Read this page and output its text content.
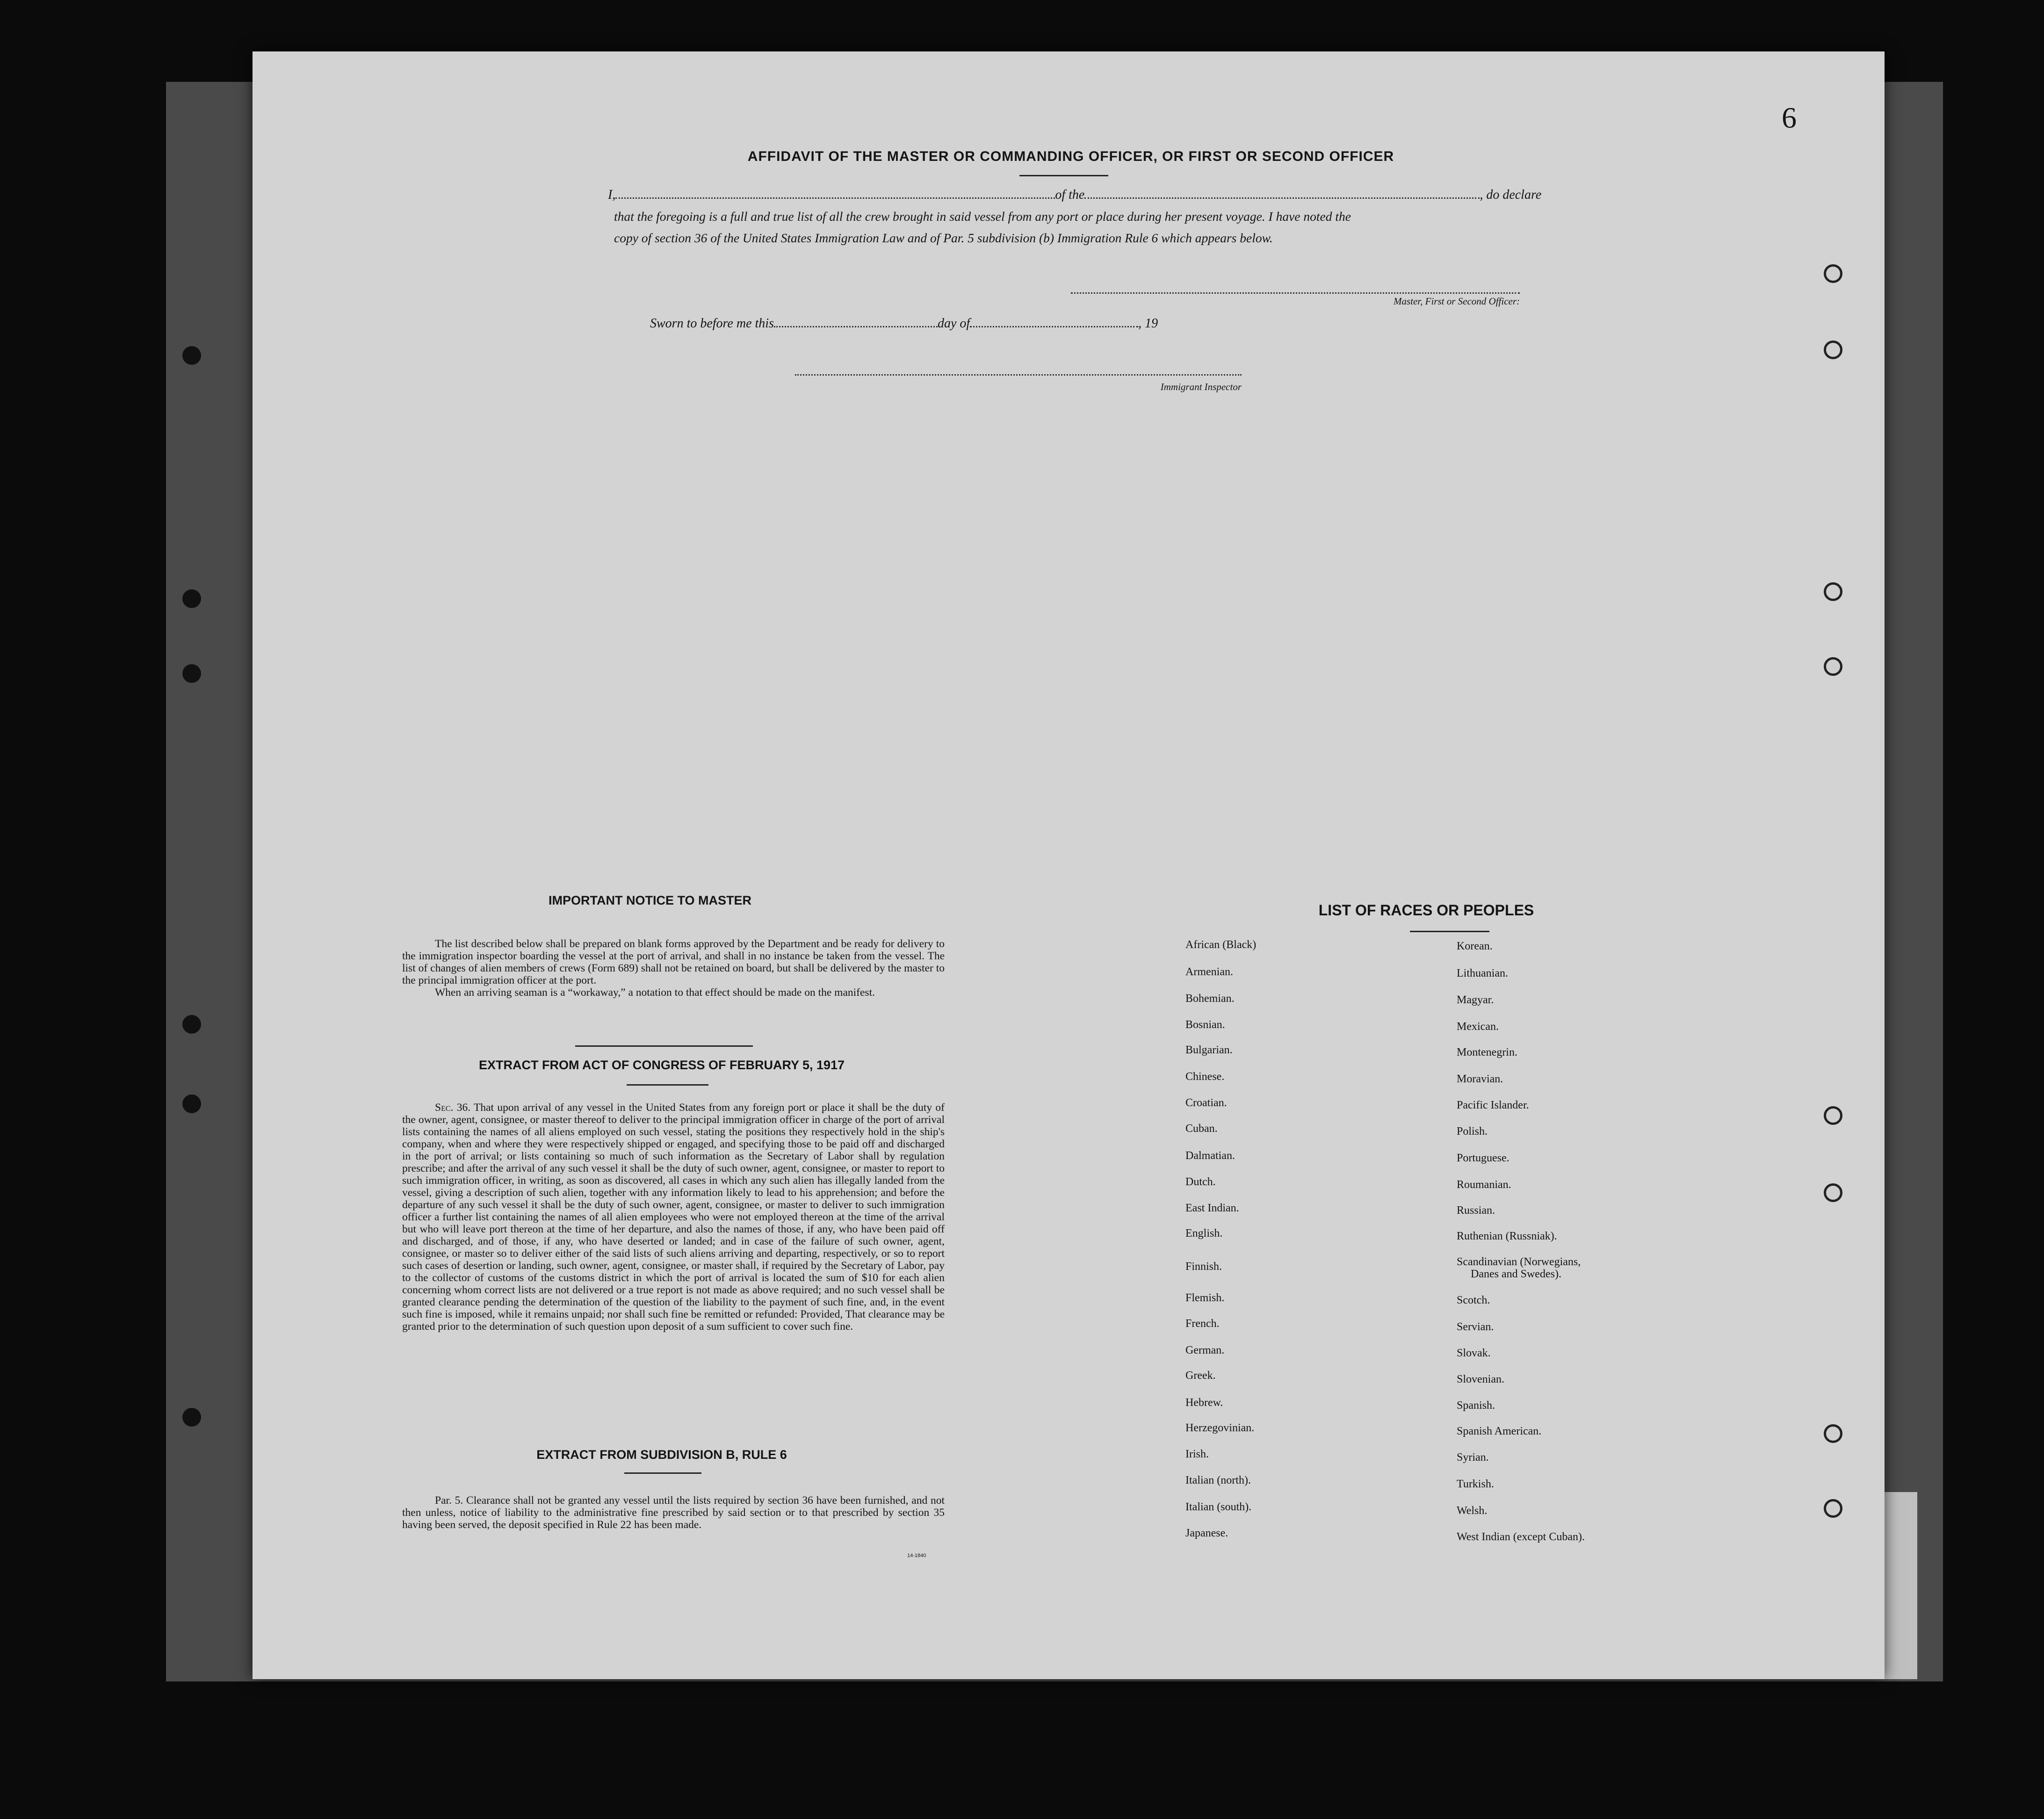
6
AFFIDAVIT OF THE MASTER OR COMMANDING OFFICER, OR FIRST OR SECOND OFFICER
I,	of the	, do declare
that the foregoing is a full and true list of all the crew brought in said vessel from any port or place during her present voyage. I have noted the
copy of section 36 of the United States Immigration Law and of Par. 5 subdivision (b) Immigration Rule 6 which appears below.
Master, First or Second Officer:
Sworn to before me this	day of	, 19
Immigrant Inspector
IMPORTANT NOTICE TO MASTER

The list described below shall be prepared on blank forms approved by the Department and be ready for delivery to the immigration inspector boarding the vessel at the port of arrival, and shall in no instance be taken from the vessel. The list of changes of alien members of crews (Form 689) shall not be retained on board, but shall be delivered by the master to the principal immigration officer at the port.

When an arriving seaman is a “workaway,” a notation to that effect should be made on the manifest.

EXTRACT FROM ACT OF CONGRESS OF FEBRUARY 5, 1917

Sec. 36. That upon arrival of any vessel in the United States from any foreign port or place it shall be the duty of the owner, agent, consignee, or master thereof to deliver to the principal immigration officer in charge of the port of arrival lists containing the names of all aliens employed on such vessel, stating the positions they respectively hold in the ship's company, when and where they were respectively shipped or engaged, and specifying those to be paid off and discharged in the port of arrival; or lists containing so much of such information as the Secretary of Labor shall by regulation prescribe; and after the arrival of any such vessel it shall be the duty of such owner, agent, consignee, or master to report to such immigration officer, in writing, as soon as discovered, all cases in which any such alien has illegally landed from the vessel, giving a description of such alien, together with any information likely to lead to his apprehension; and before the departure of any such vessel it shall be the duty of such owner, agent, consignee, or master to deliver to such immigration officer a further list containing the names of all alien employees who were not employed thereon at the time of the arrival but who will leave port thereon at the time of her departure, and also the names of those, if any, who have been paid off and discharged, and of those, if any, who have deserted or landed; and in case of the failure of such owner, agent, consignee, or master so to deliver either of the said lists of such aliens arriving and departing, respectively, or so to report such cases of desertion or landing, such owner, agent, consignee, or master shall, if required by the Secretary of Labor, pay to the collector of customs of the customs district in which the port of arrival is located the sum of $10 for each alien concerning whom correct lists are not delivered or a true report is not made as above required; and no such vessel shall be granted clearance pending the determination of the question of the liability to the payment of such fine, and, in the event such fine is imposed, while it remains unpaid; nor shall such fine be remitted or refunded: Provided, That clearance may be granted prior to the determination of such question upon deposit of a sum sufficient to cover such fine.

EXTRACT FROM SUBDIVISION B, RULE 6

Par. 5. Clearance shall not be granted any vessel until the lists required by section 36 have been furnished, and not then unless, notice of liability to the administrative fine prescribed by said section or to that prescribed by section 35 having been served, the deposit specified in Rule 22 has been made.

14-1840
LIST OF RACES OR PEOPLES
African (Black)
Armenian.
Bohemian.
Bosnian.
Bulgarian.
Chinese.
Croatian.
Cuban.
Dalmatian.
Dutch.
East Indian.
English.
Finnish.
Flemish.
French.
German.
Greek.
Hebrew.
Herzegovinian.
Irish.
Italian (north).
Italian (south).
Japanese.
Korean.
Lithuanian.
Magyar.
Mexican.
Montenegrin.
Moravian.
Pacific Islander.
Polish.
Portuguese.
Roumanian.
Russian.
Ruthenian (Russniak).
Scandinavian (Norwegians,
Danes and Swedes).
Scotch.
Servian.
Slovak.
Slovenian.
Spanish.
Spanish American.
Syrian.
Turkish.
Welsh.
West Indian (except Cuban).
